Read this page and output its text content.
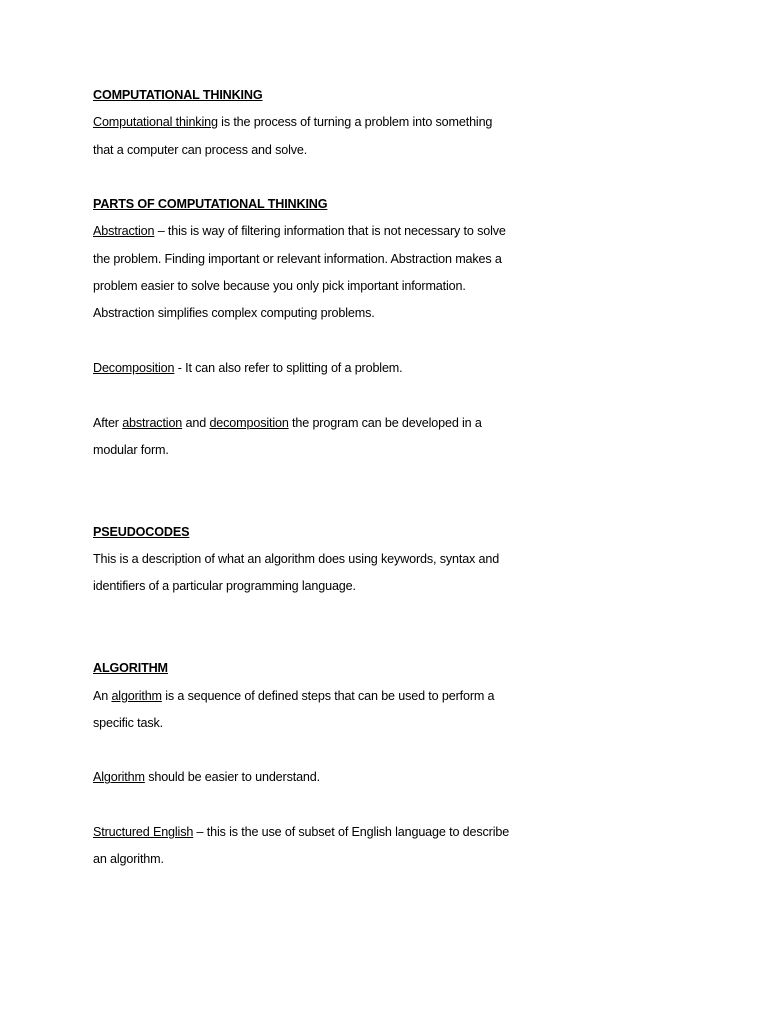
COMPUTATIONAL THINKING
Computational thinking is the process of turning a problem into something
that a computer can process and solve.
PARTS OF COMPUTATIONAL THINKING
Abstraction – this is way of filtering information that is not necessary to solve
the problem. Finding important or relevant information. Abstraction makes a
problem easier to solve because you only pick important information.
Abstraction simplifies complex computing problems.
Decomposition - It can also refer to splitting of a problem.
After abstraction and decomposition the program can be developed in a
modular form.
PSEUDOCODES
This is a description of what an algorithm does using keywords, syntax and
identifiers of a particular programming language.
ALGORITHM
An algorithm is a sequence of defined steps that can be used to perform a
specific task.
Algorithm should be easier to understand.
Structured English – this is the use of subset of English language to describe
an algorithm.
